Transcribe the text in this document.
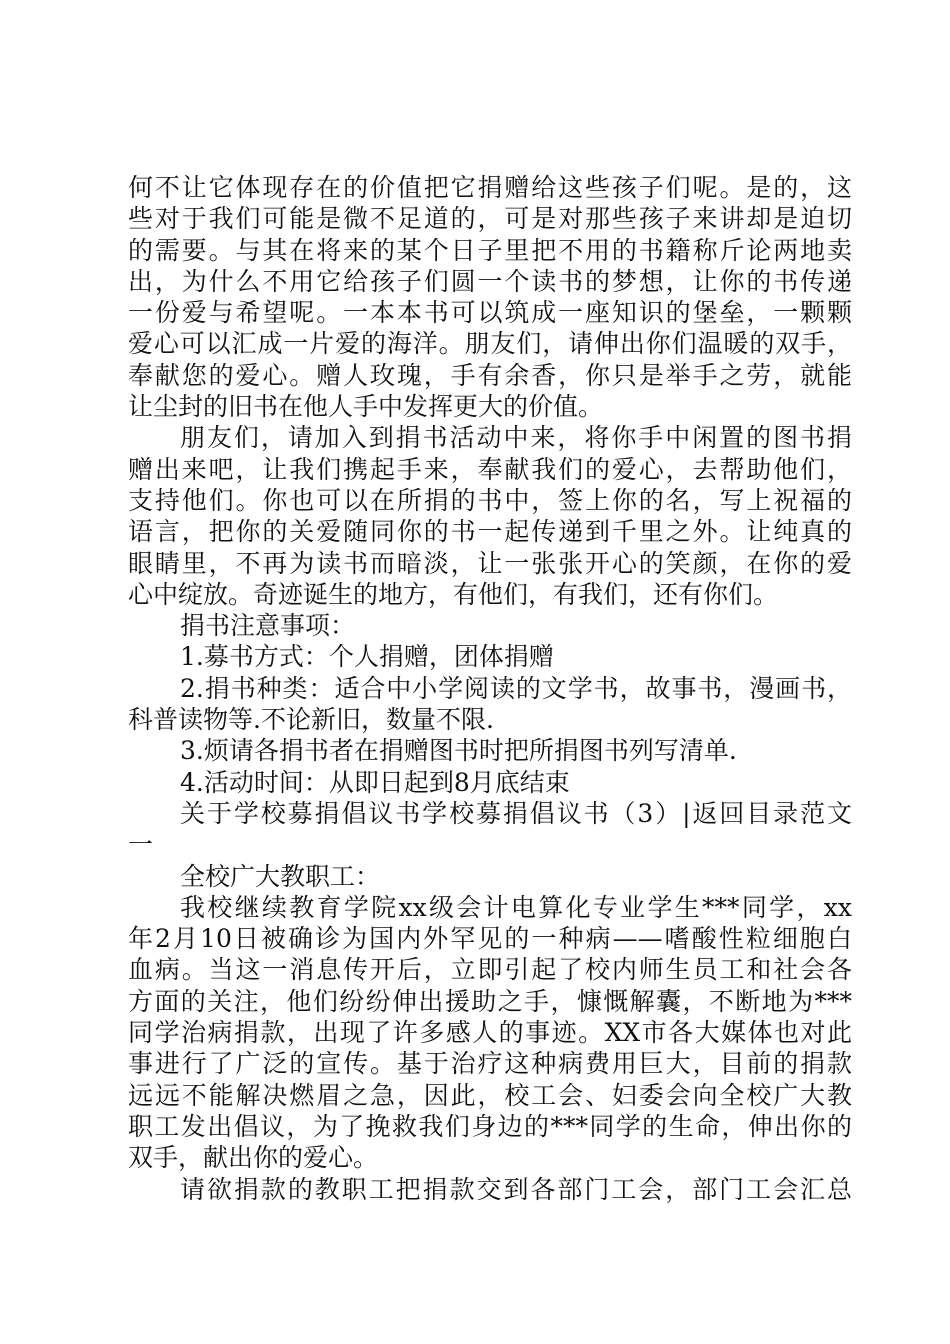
何不让它体现存在的价值把它捐赠给这些孩子们呢。是的，这
些对于我们可能是微不足道的，可是对那些孩子来讲却是迫切
的需要。与其在将来的某个日子里把不用的书籍称斤论两地卖
出，为什么不用它给孩子们圆一个读书的梦想，让你的书传递
一份爱与希望呢。一本本书可以筑成一座知识的堡垒，一颗颗
爱心可以汇成一片爱的海洋。朋友们，请伸出你们温暖的双手，
奉献您的爱心。赠人玫瑰，手有余香，你只是举手之劳，就能
让尘封的旧书在他人手中发挥更大的价值。
朋友们，请加入到捐书活动中来，将你手中闲置的图书捐
赠出来吧，让我们携起手来，奉献我们的爱心，去帮助他们，
支持他们。你也可以在所捐的书中，签上你的名，写上祝福的
语言，把你的关爱随同你的书一起传递到千里之外。让纯真的
眼睛里，不再为读书而暗淡，让一张张开心的笑颜，在你的爱
心中绽放。奇迹诞生的地方，有他们，有我们，还有你们。
捐书注意事项：
1.募书方式：个人捐赠，团体捐赠
2.捐书种类：适合中小学阅读的文学书，故事书，漫画书，
科普读物等.不论新旧，数量不限.
3.烦请各捐书者在捐赠图书时把所捐图书列写清单.
4.活动时间：从即日起到8月底结束
关于学校募捐倡议书学校募捐倡议书（3）|返回目录范文
一
全校广大教职工：
我校继续教育学院xx级会计电算化专业学生***同学，xx
年2月10日被确诊为国内外罕见的一种病——嗜酸性粒细胞白
血病。当这一消息传开后，立即引起了校内师生员工和社会各
方面的关注，他们纷纷伸出援助之手，慷慨解囊，不断地为***
同学治病捐款，出现了许多感人的事迹。XX市各大媒体也对此
事进行了广泛的宣传。基于治疗这种病费用巨大，目前的捐款
远远不能解决燃眉之急，因此，校工会、妇委会向全校广大教
职工发出倡议，为了挽救我们身边的***同学的生命，伸出你的
双手，献出你的爱心。
请欲捐款的教职工把捐款交到各部门工会，部门工会汇总
